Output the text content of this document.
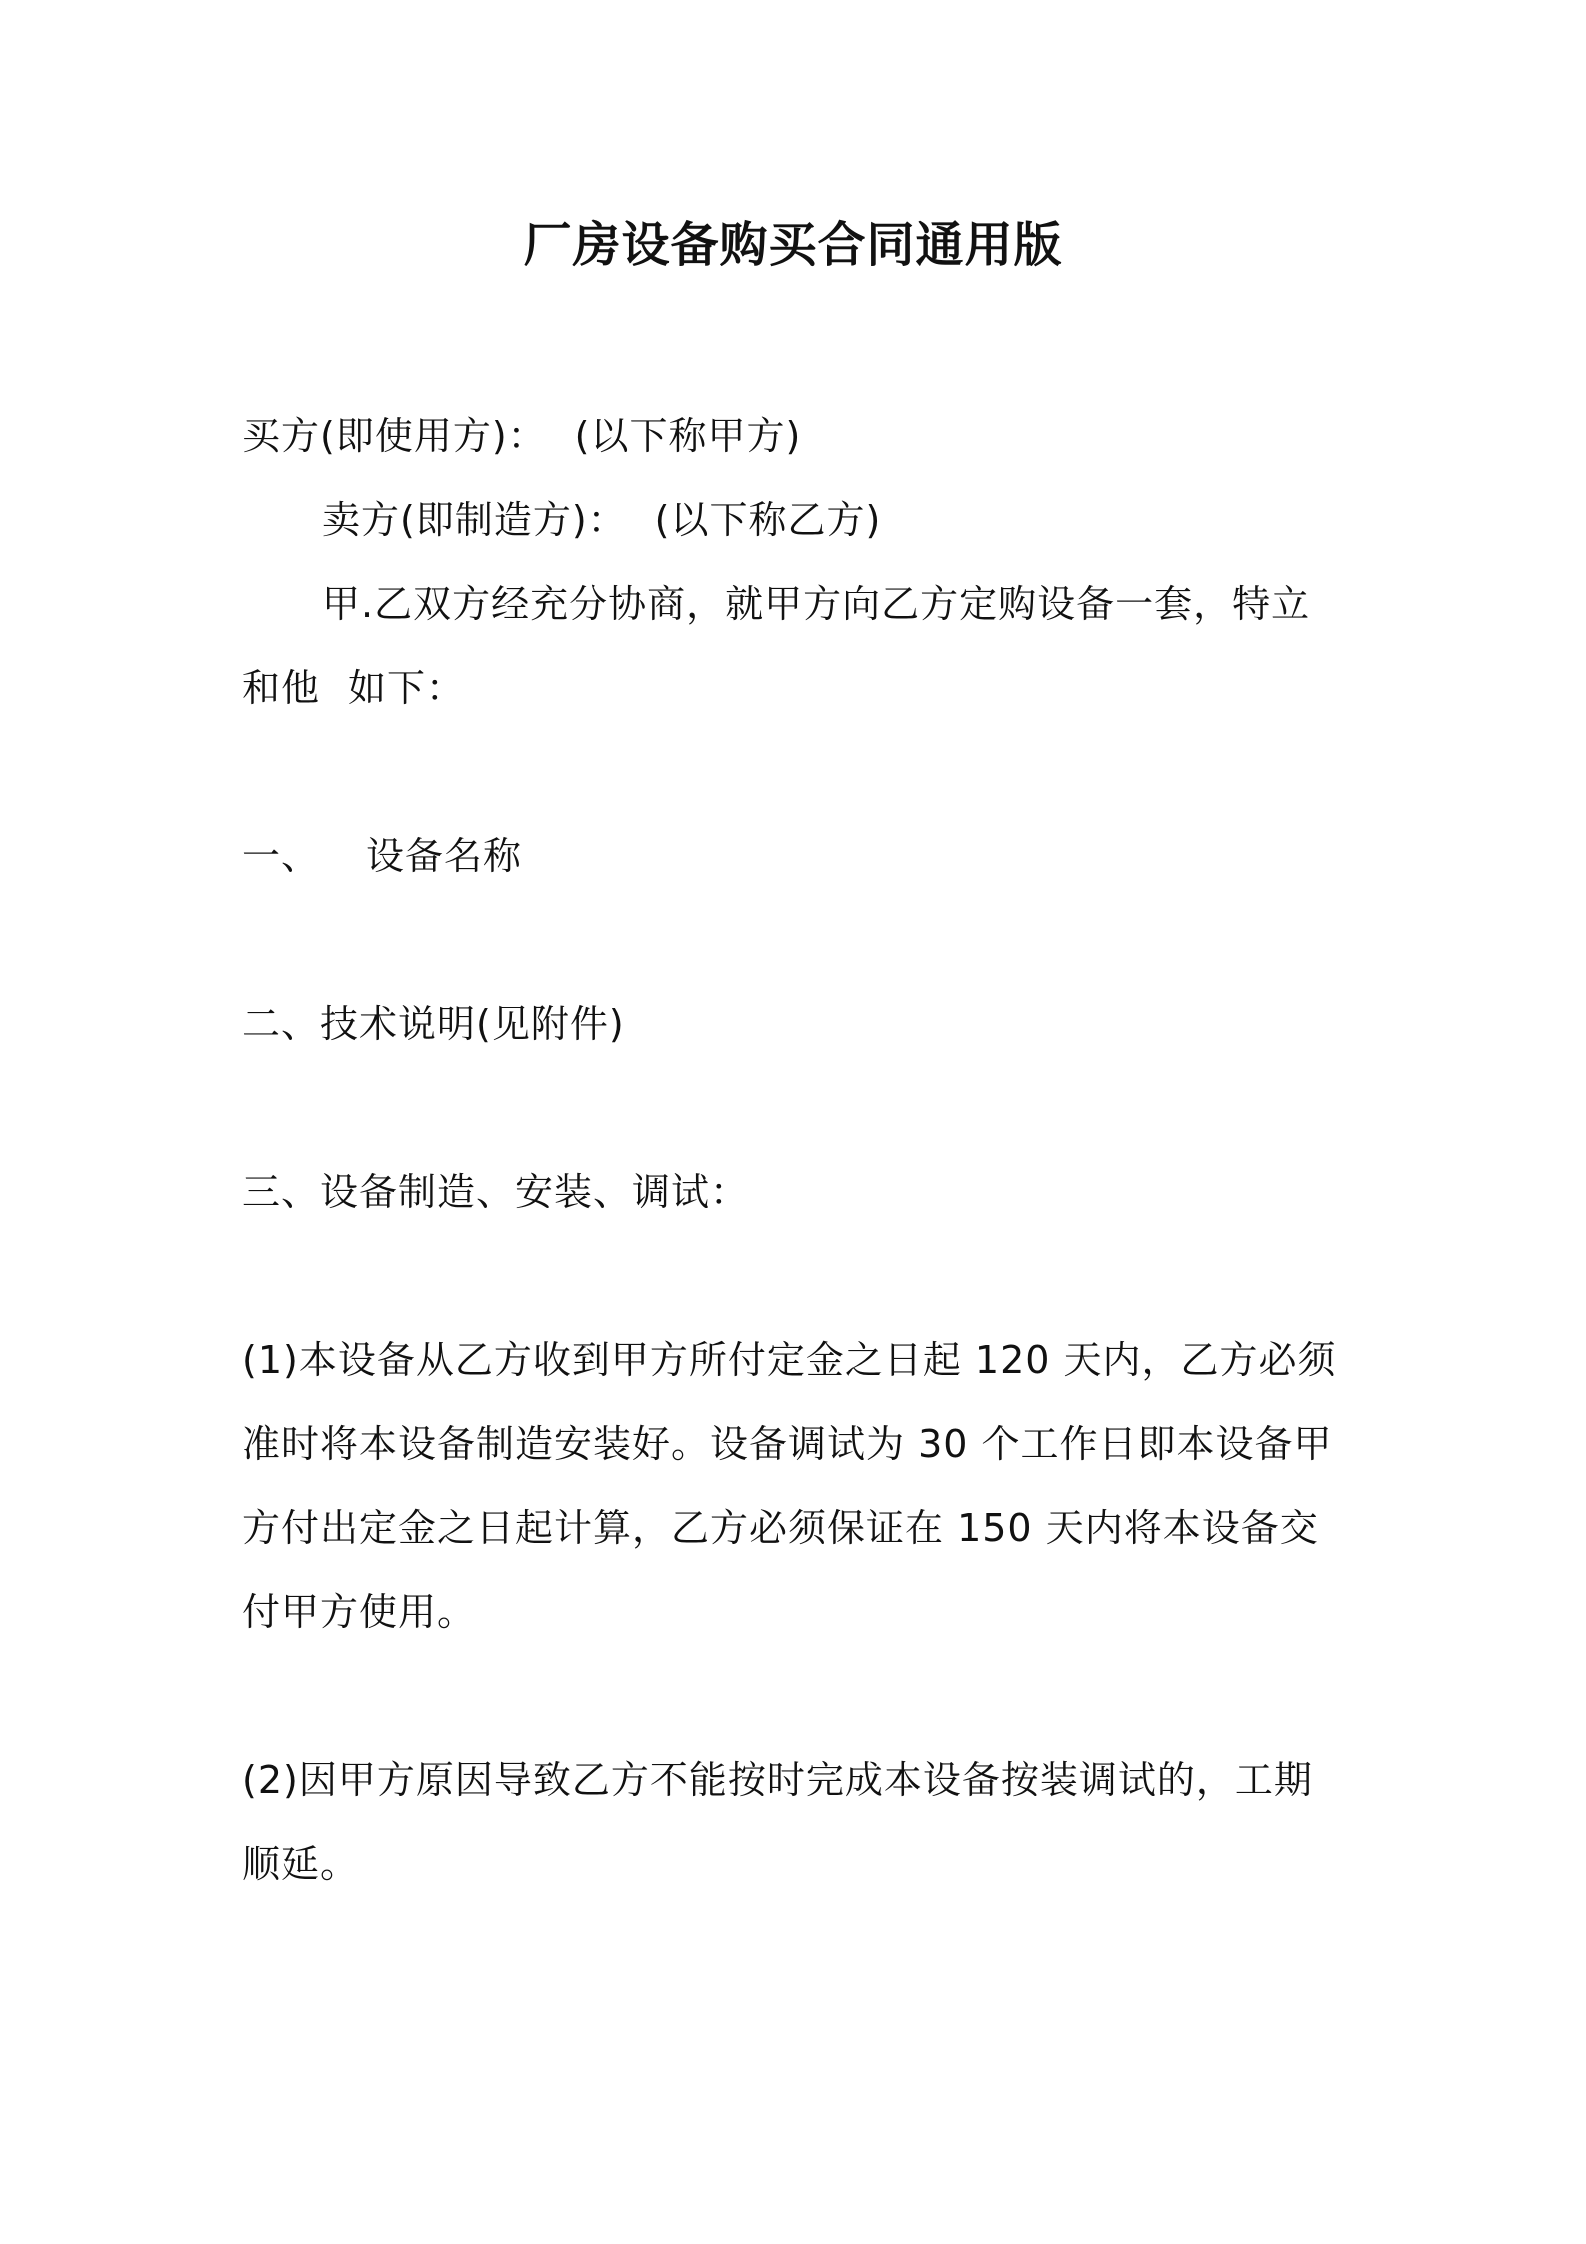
厂房设备购买合同通用版
买方(即使用方)： (以下称甲方)
卖方(即制造方)： (以下称乙方)
甲.乙双方经充分协商，就甲方向乙方定购设备一套，特立
和他 如下：
一、 设备名称
二、技术说明(见附件)
三、设备制造、安装、调试：
(1)本设备从乙方收到甲方所付定金之日起 120 天内，乙方必须
准时将本设备制造安装好。设备调试为 30 个工作日即本设备甲
方付出定金之日起计算，乙方必须保证在 150 天内将本设备交
付甲方使用。
(2)因甲方原因导致乙方不能按时完成本设备按装调试的，工期
顺延。
